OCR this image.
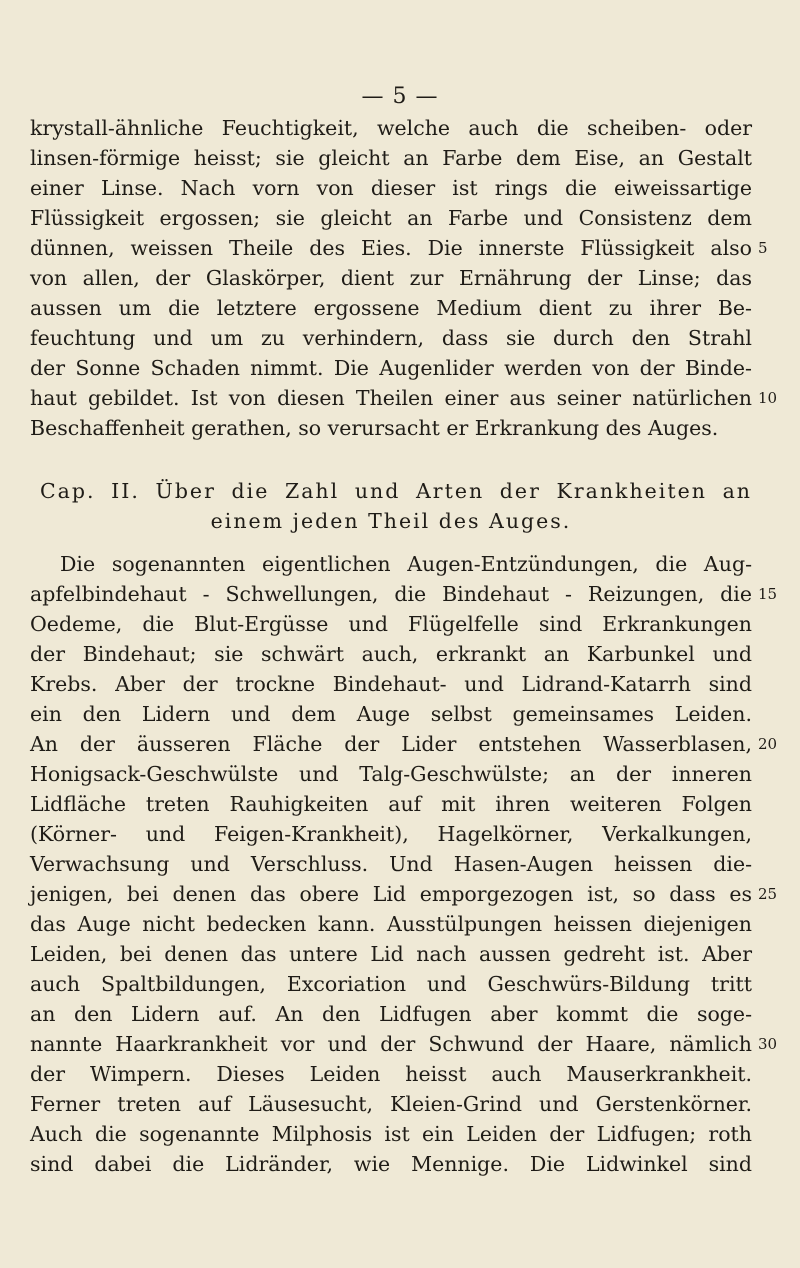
— 5 —
krystall-ähnliche Feuchtigkeit, welche auch die scheiben- oder
linsen-förmige heisst; sie gleicht an Farbe dem Eise, an Gestalt
einer Linse. Nach vorn von dieser ist rings die eiweissartige
Flüssigkeit ergossen; sie gleicht an Farbe und Consistenz dem
dünnen, weissen Theile des Eies. Die innerste Flüssigkeit also 5
von allen, der Glaskörper, dient zur Ernährung der Linse; das
aussen um die letztere ergossene Medium dient zu ihrer Be-
feuchtung und um zu verhindern, dass sie durch den Strahl
der Sonne Schaden nimmt. Die Augenlider werden von der Binde-
haut gebildet. Ist von diesen Theilen einer aus seiner natürlichen 10
Beschaffenheit gerathen, so verursacht er Erkrankung des Auges.
Cap. II. Über die Zahl und Arten der Krankheiten an
einem jeden Theil des Auges.
Die sogenannten eigentlichen Augen-Entzündungen, die Aug-
apfelbindehaut - Schwellungen, die Bindehaut - Reizungen, die 15
Oedeme, die Blut-Ergüsse und Flügelfelle sind Erkrankungen
der Bindehaut; sie schwärt auch, erkrankt an Karbunkel und
Krebs. Aber der trockne Bindehaut- und Lidrand-Katarrh sind
ein den Lidern und dem Auge selbst gemeinsames Leiden.
An der äusseren Fläche der Lider entstehen Wasserblasen, 20
Honigsack-Geschwülste und Talg-Geschwülste; an der inneren
Lidfläche treten Rauhigkeiten auf mit ihren weiteren Folgen
(Körner- und Feigen-Krankheit), Hagelkörner, Verkalkungen,
Verwachsung und Verschluss. Und Hasen-Augen heissen die-
jenigen, bei denen das obere Lid emporgezogen ist, so dass es 25
das Auge nicht bedecken kann. Ausstülpungen heissen diejenigen
Leiden, bei denen das untere Lid nach aussen gedreht ist. Aber
auch Spaltbildungen, Excoriation und Geschwürs-Bildung tritt
an den Lidern auf. An den Lidfugen aber kommt die soge-
nannte Haarkrankheit vor und der Schwund der Haare, nämlich 30
der Wimpern. Dieses Leiden heisst auch Mauserkrankheit.
Ferner treten auf Läusesucht, Kleien-Grind und Gerstenkörner.
Auch die sogenannte Milphosis ist ein Leiden der Lidfugen; roth
sind dabei die Lidränder, wie Mennige. Die Lidwinkel sind
